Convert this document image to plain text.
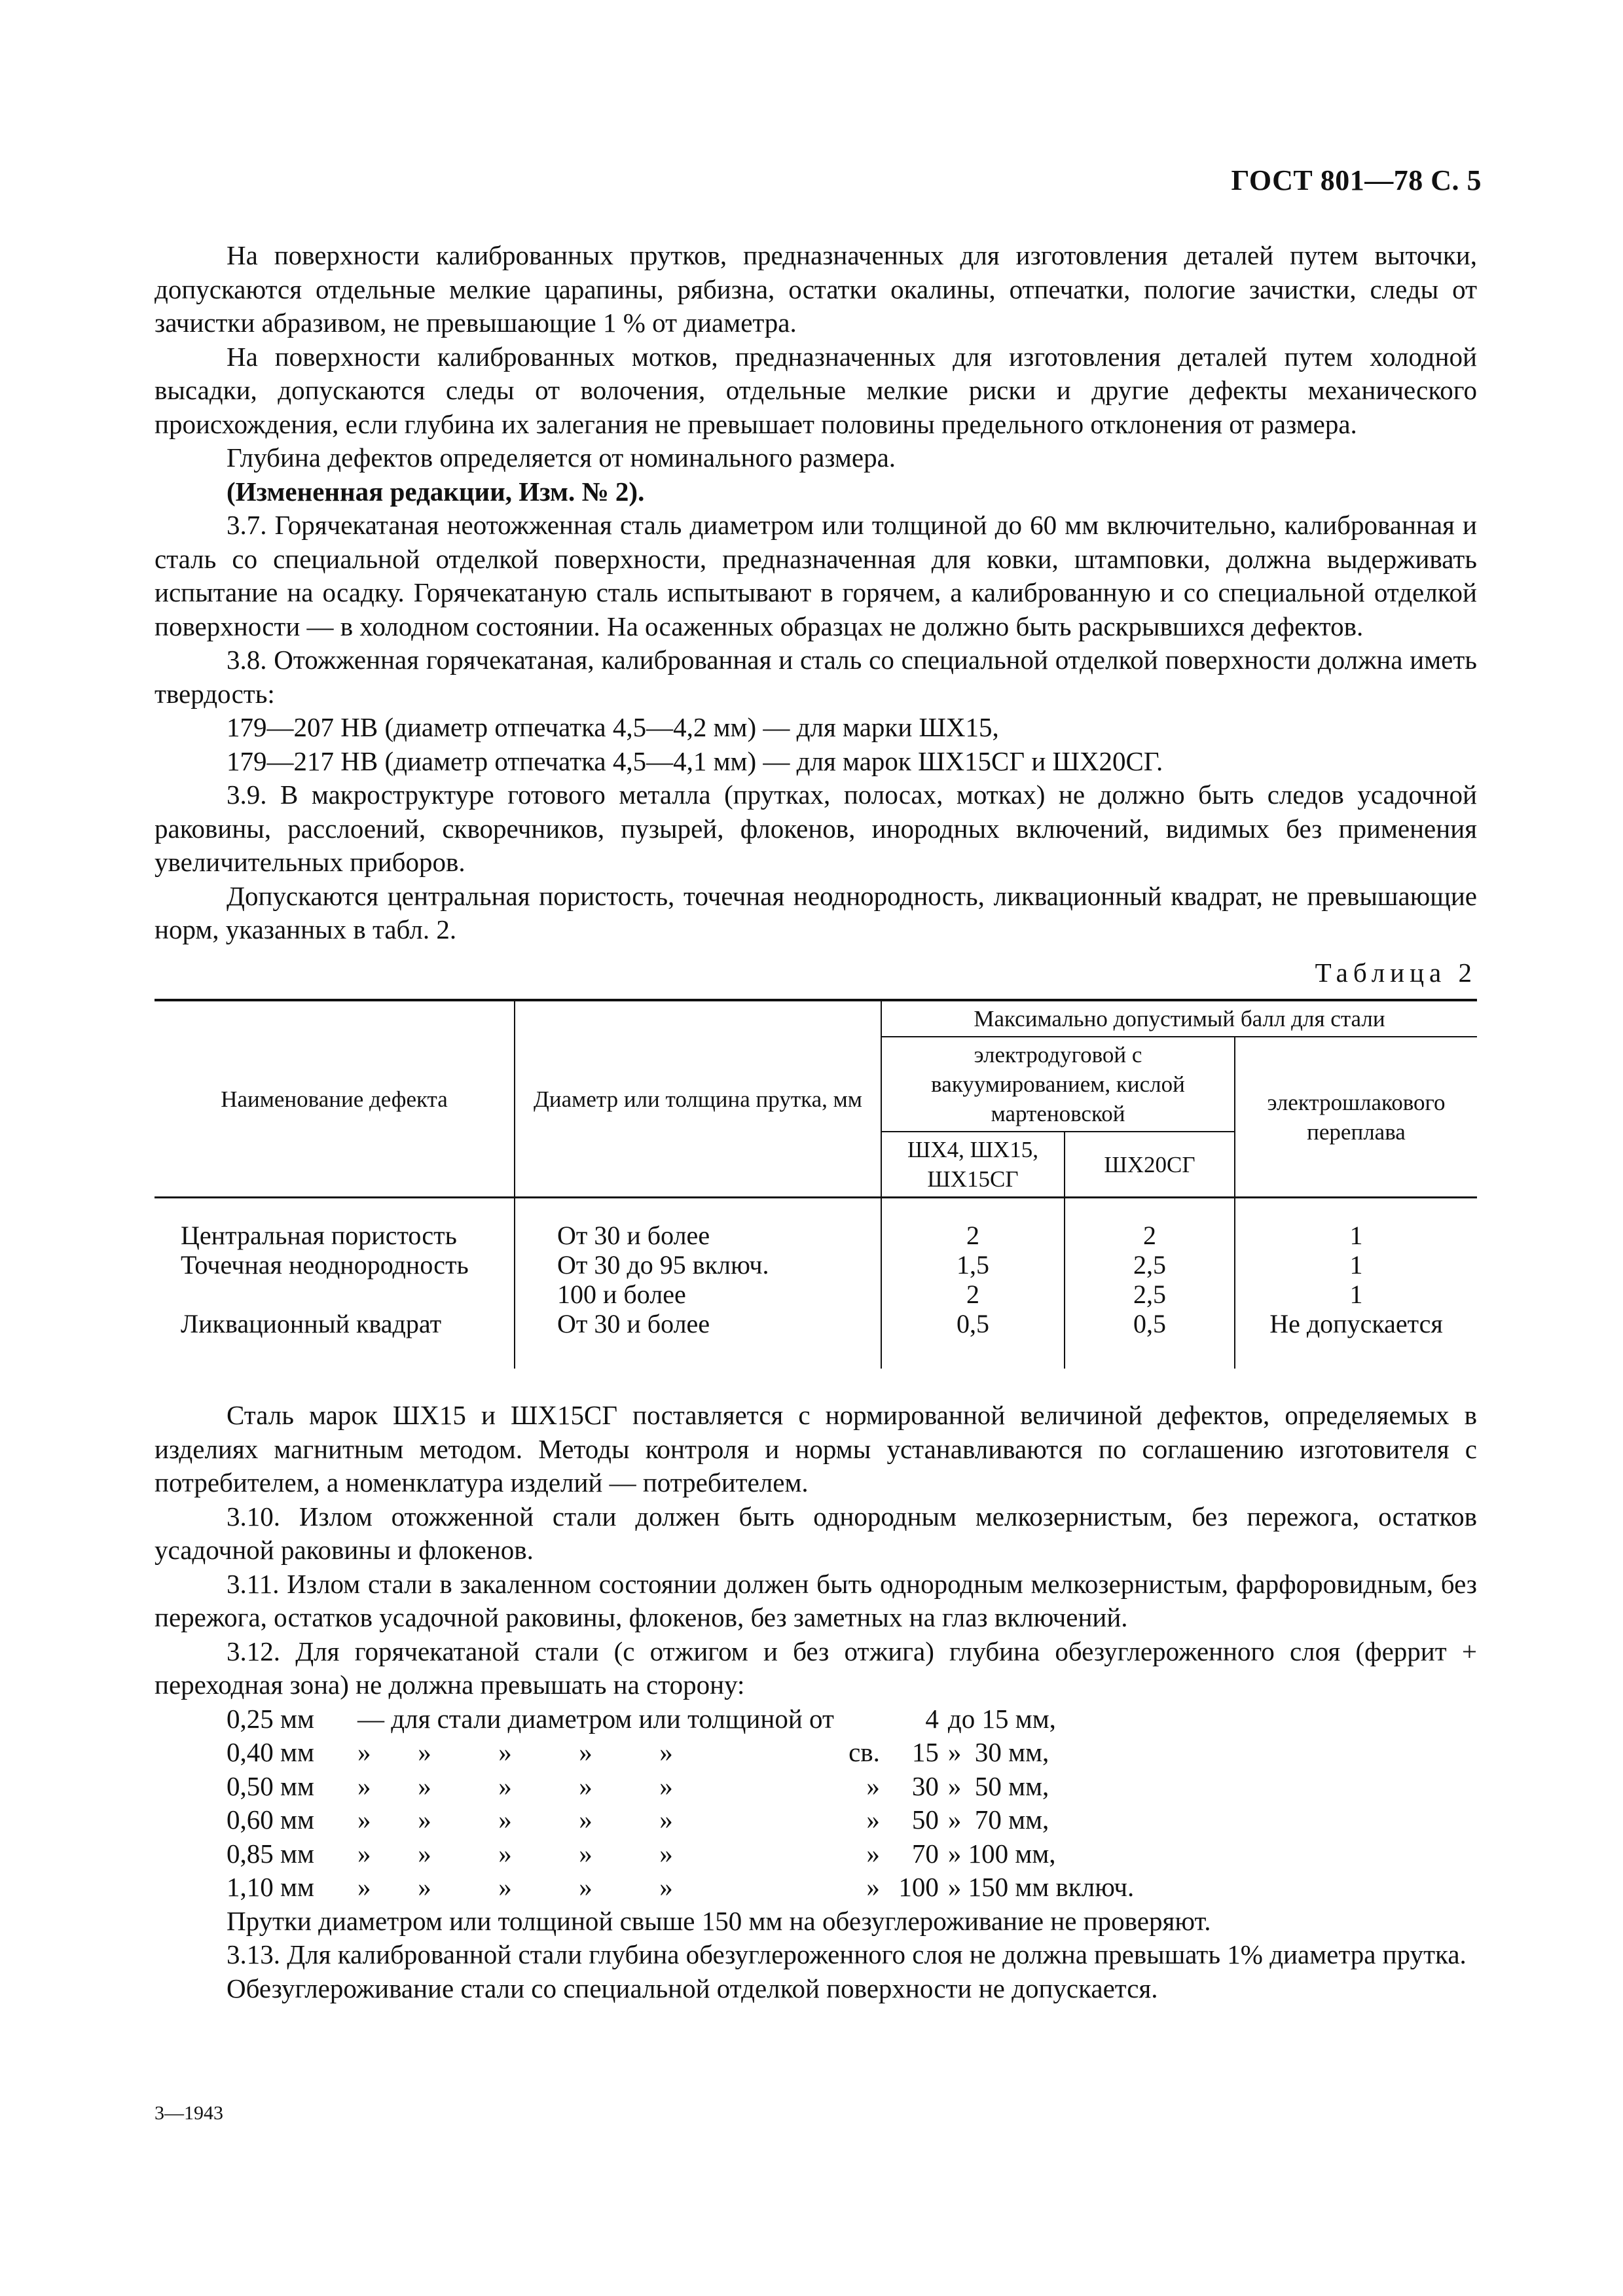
ГОСТ 801—78 С. 5

На поверхности калиброванных прутков, предназначенных для изготовления деталей путем выточки, допускаются отдельные мелкие царапины, рябизна, остатки окалины, отпечатки, пологие зачистки, следы от зачистки абразивом, не превышающие 1 % от диаметра.

На поверхности калиброванных мотков, предназначенных для изготовления деталей путем холодной высадки, допускаются следы от волочения, отдельные мелкие риски и другие дефекты механического происхождения, если глубина их залегания не превышает половины предельного отклонения от размера.

Глубина дефектов определяется от номинального размера.

(Измененная редакции, Изм. № 2).

3.7. Горячекатаная неотожженная сталь диаметром или толщиной до 60 мм включительно, калиброванная и сталь со специальной отделкой поверхности, предназначенная для ковки, штамповки, должна выдерживать испытание на осадку. Горячекатаную сталь испытывают в горячем, а калиброванную и со специальной отделкой поверхности — в холодном состоянии. На осаженных образцах не должно быть раскрывшихся дефектов.

3.8. Отожженная горячекатаная, калиброванная и сталь со специальной отделкой поверхности должна иметь твердость:

179—207 НВ (диаметр отпечатка 4,5—4,2 мм) — для марки ШХ15,

179—217 НВ (диаметр отпечатка 4,5—4,1 мм) — для марок ШХ15СГ и ШХ20СГ.

3.9. В макроструктуре готового металла (прутках, полосах, мотках) не должно быть следов усадочной раковины, расслоений, скворечников, пузырей, флокенов, инородных включений, видимых без применения увеличительных приборов.

Допускаются центральная пористость, точечная неоднородность, ликвационный квадрат, не превышающие норм, указанных в табл. 2.

Таблица 2
Наименование дефекта	Диаметр или толщина прутка, мм	Максимально допустимый балл для стали		
		электродуговой с вакуумированием, кислой мартеновской		электрошлакового переплава
		ШХ4, ШХ15, ШХ15СГ	ШХ20СГ	
Центральная пористость	От 30 и более	2	2	1
Точечная неоднородность	От 30 до 95 включ.	1,5	2,5	1
	100 и более	2	2,5	1
Ликвационный квадрат	От 30 и более	0,5	0,5	Не допускается

Сталь марок ШХ15 и ШХ15СГ поставляется с нормированной величиной дефектов, определяемых в изделиях магнитным методом. Методы контроля и нормы устанавливаются по соглашению изготовителя с потребителем, а номенклатура изделий — потребителем.

3.10. Излом отожженной стали должен быть однородным мелкозернистым, без пережога, остатков усадочной раковины и флокенов.

3.11. Излом стали в закаленном состоянии должен быть однородным мелкозернистым, фарфоровидным, без пережога, остатков усадочной раковины, флокенов, без заметных на глаз включений.

3.12. Для горячекатаной стали (с отжигом и без отжига) глубина обезуглероженного слоя (феррит + переходная зона) не должна превышать на сторону:

0,25 мм	— для стали диаметром или толщиной от		4	до 15 мм,
0,40 мм	»       »          »          »          »	св.	15	»  30 мм,
0,50 мм	»       »          »          »          »	»	30	»  50 мм,
0,60 мм	»       »          »          »          »	»	50	»  70 мм,
0,85 мм	»       »          »          »          »	»	70	» 100 мм,
1,10 мм	»       »          »          »          »	»	100	» 150 мм включ.

Прутки диаметром или толщиной свыше 150 мм на обезуглероживание не проверяют.

3.13. Для калиброванной стали глубина обезуглероженного слоя не должна превышать 1% диаметра прутка.

Обезуглероживание стали со специальной отделкой поверхности не допускается.

3—1943
